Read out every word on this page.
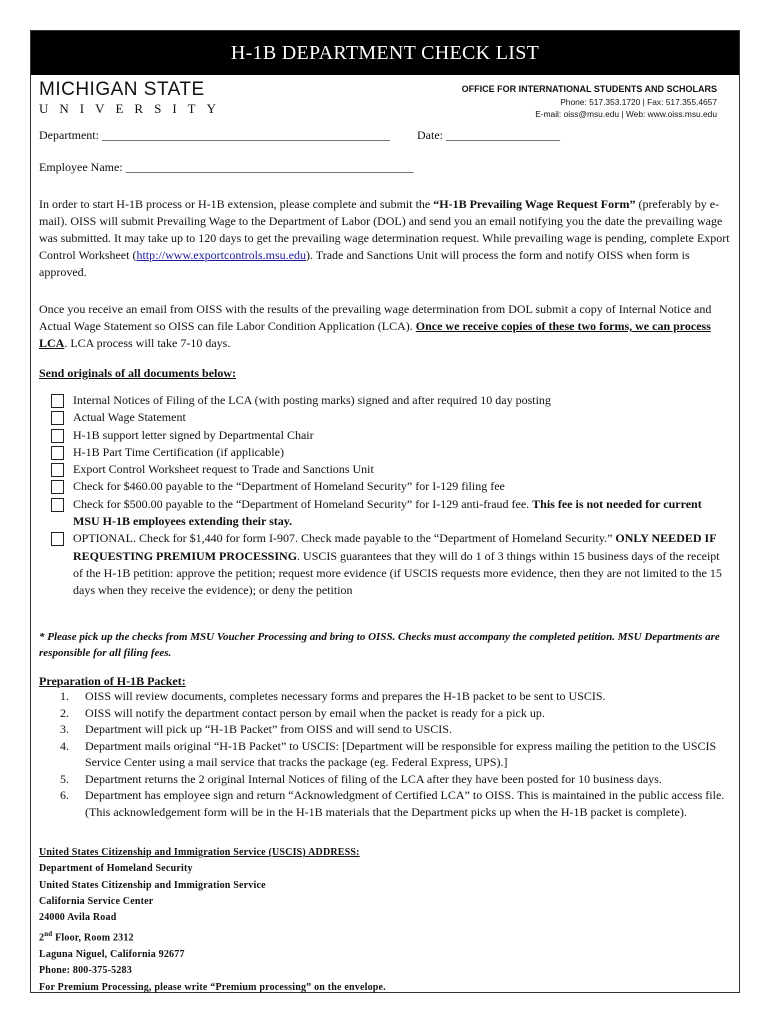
H-1B DEPARTMENT CHECK LIST
MICHIGAN STATE
UNIVERSITY
OFFICE FOR INTERNATIONAL STUDENTS AND SCHOLARS
Phone: 517.353.1720 | Fax: 517.355.4657
E-mail: oiss@msu.edu | Web: www.oiss.msu.edu
Department: ________________________________________________ Date: ___________________
Employee Name: ________________________________________________

In order to start H-1B process or H-1B extension, please complete and submit the “H-1B Prevailing Wage Request Form” (preferably by e-mail). OISS will submit Prevailing Wage to the Department of Labor (DOL) and send you an email notifying you the date the prevailing wage was submitted. It may take up to 120 days to get the prevailing wage determination request. While prevailing wage is pending, complete Export Control Worksheet (http://www.exportcontrols.msu.edu). Trade and Sanctions Unit will process the form and notify OISS when form is approved.

Once you receive an email from OISS with the results of the prevailing wage determination from DOL submit a copy of Internal Notice and Actual Wage Statement so OISS can file Labor Condition Application (LCA). Once we receive copies of these two forms, we can process LCA. LCA process will take 7-10 days.

Send originals of all documents below:
Internal Notices of Filing of the LCA (with posting marks) signed and after required 10 day posting
Actual Wage Statement
H-1B support letter signed by Departmental Chair
H-1B Part Time Certification (if applicable)
Export Control Worksheet request to Trade and Sanctions Unit
Check for $460.00 payable to the “Department of Homeland Security” for I-129 filing fee
Check for $500.00 payable to the “Department of Homeland Security” for I-129 anti-fraud fee. This fee is not needed for current MSU H-1B employees extending their stay.
OPTIONAL. Check for $1,440 for form I-907. Check made payable to the “Department of Homeland Security.” ONLY NEEDED IF REQUESTING PREMIUM PROCESSING. USCIS guarantees that they will do 1 of 3 things within 15 business days of the receipt of the H-1B petition: approve the petition; request more evidence (if USCIS requests more evidence, then they are not limited to the 15 days when they receive the evidence); or deny the petition
* Please pick up the checks from MSU Voucher Processing and bring to OISS. Checks must accompany the completed petition. MSU Departments are responsible for all filing fees.
Preparation of H-1B Packet:
1. OISS will review documents, completes necessary forms and prepares the H-1B packet to be sent to USCIS.
2. OISS will notify the department contact person by email when the packet is ready for a pick up.
3. Department will pick up “H-1B Packet” from OISS and will send to USCIS.
4. Department mails original “H-1B Packet” to USCIS: [Department will be responsible for express mailing the petition to the USCIS Service Center using a mail service that tracks the package (eg. Federal Express, UPS).]
5. Department returns the 2 original Internal Notices of filing of the LCA after they have been posted for 10 business days.
6. Department has employee sign and return “Acknowledgment of Certified LCA” to OISS. This is maintained in the public access file. (This acknowledgement form will be in the H-1B materials that the Department picks up when the H-1B packet is complete).
United States Citizenship and Immigration Service (USCIS) ADDRESS:
Department of Homeland Security
United States Citizenship and Immigration Service
California Service Center
24000 Avila Road
2nd Floor, Room 2312
Laguna Niguel, California 92677
Phone: 800-375-5283
For Premium Processing, please write “Premium processing” on the envelope.
